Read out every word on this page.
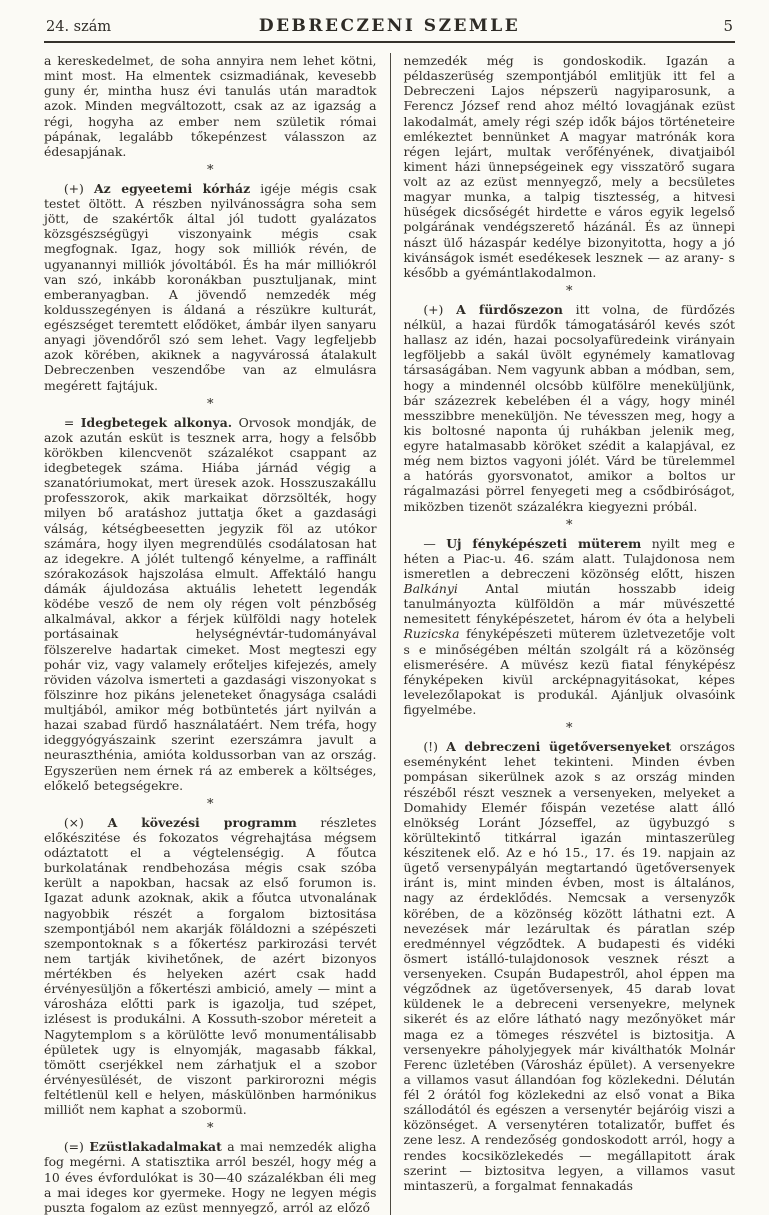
24. szám	DEBRECZENI SZEMLE	5

a kereskedelmet, de soha annyira nem lehet kötni, mint most. Ha elmentek csizmadiának, kevesebb guny ér, mintha husz évi tanulás után maradtok azok. Minden megváltozott, csak az az igazság a régi, hogyha az ember nem születik római pápának, legalább tőkepénzest válasszon az édesapjának.

*

(+) Az egyeetemi kórház igéje mégis csak testet öltött. A részben nyilvánosságra soha sem jött, de szakértők által jól tudott gyalázatos közsgészségügyi viszonyaink mégis csak megfognak. Igaz, hogy sok milliók révén, de ugyanannyi milliók jóvoltából. És ha már milliókról van szó, inkább koronákban pusztuljanak, mint emberanyagban. A jövendő nemzedék még koldusszegényen is áldaná a részükre kulturát, egészséget teremtett elődöket, ámbár ilyen sanyaru anyagi jövendőről szó sem lehet. Vagy legfeljebb azok körében, akiknek a nagyvárossá átalakult Debreczenben veszendőbe van az elmulásra megérett fajtájuk.

*

= Idegbetegek alkonya. Orvosok mondják, de azok azután esküt is tesznek arra, hogy a felsőbb körökben kilencvenöt százalékot csappant az idegbetegek száma. Hiába járnád végig a szanatóriumokat, mert üresek azok. Hosszuszakállu professzorok, akik markaikat dörzsölték, hogy milyen bő aratáshoz juttatja őket a gazdasági válság, kétségbeesetten jegyzik föl az utókor számára, hogy ilyen megrendülés csodálatosan hat az idegekre. A jólét tultengő kényelme, a raffinált szórakozások hajszolása elmult. Affektáló hangu dámák ájuldozása aktuális lehetett legendák ködébe vesző de nem oly régen volt pénzbőség alkalmával, akkor a férjek külföldi nagy hotelek portásainak helységnévtár-tudományával fölszerelve hadartak cimeket. Most megteszi egy pohár viz, vagy valamely erőteljes kifejezés, amely röviden vázolva ismerteti a gazdasági viszonyokat s fölszinre hoz pikáns jeleneteket őnagysága családi multjából, amikor még botbüntetés járt nyilván a hazai szabad fürdő használatáért. Nem tréfa, hogy ideggyógyászaink szerint ezerszámra javult a neuraszthénia, amióta koldussorban van az ország. Egyszerüen nem érnek rá az emberek a költséges, előkelő betegségekre.

*

(×) A kövezési programm részletes előkészitése és fokozatos végrehajtása mégsem odáztatott el a végtelenségig. A főutca burkolatának rendbehozása mégis csak szóba került a napokban, hacsak az első forumon is. Igazat adunk azoknak, akik a főutca utvonalának nagyobbik részét a forgalom biztositása szempontjából nem akarják föláldozni a szépészeti szempontoknak s a főkertész parkirozási tervét nem tartják kivihetőnek, de azért bizonyos mértékben és helyeken azért csak hadd érvényesüljön a főkertészi ambició, amely — mint a városháza előtti park is igazolja, tud szépet, izlésest is produkálni. A Kossuth-szobor méreteit a Nagytemplom s a körülötte levő monumentálisabb épületek ugy is elnyomják, magasabb fákkal, tömött cserjékkel nem zárhatjuk el a szobor érvényesülését, de viszont parkirorozni mégis feltétlenül kell e helyen, máskülönben harmónikus milliőt nem kaphat a szobormü.

*

(=) Ezüstlakadalmakat a mai nemzedék aligha fog megérni. A statisztika arról beszél, hogy még a 10 éves évfordulókat is 30—40 százalékban éli meg a mai ideges kor gyermeke. Hogy ne legyen mégis puszta fogalom az ezüst mennyegző, arról az előző

nemzedék még is gondoskodik. Igazán a példaszerüség szempontjából emlitjük itt fel a Debreczeni Lajos népszerü nagyiparosunk, a Ferencz József rend ahoz méltó lovagjának ezüst lakodalmát, amely régi szép idők bájos történeteire emlékeztet bennünket A magyar matrónák kora régen lejárt, multak verőfényének, divatjaiból kiment házi ünnepségeinek egy visszatörő sugara volt az az ezüst mennyegző, mely a becsületes magyar munka, a talpig tisztesség, a hitvesi hüségek dicsőségét hirdette e város egyik legelső polgárának vendégszerető házánál. És az ünnepi nászt ülő házaspár kedélye bizonyitotta, hogy a jó kivánságok ismét esedékesek lesznek — az arany- s később a gyémántlakodalmon.

*

(+) A fürdőszezon itt volna, de fürdőzés nélkül, a hazai fürdők támogatásáról kevés szót hallasz az idén, hazai pocsolyafüredeink virányain legföljebb a sakál üvölt egynémely kamatlovag társaságában. Nem vagyunk abban a módban, sem, hogy a mindennél olcsóbb külfölre meneküljünk, bár százezrek kebelében él a vágy, hogy minél messzibbre meneküljön. Ne tévesszen meg, hogy a kis boltosné naponta új ruhákban jelenik meg, egyre hatalmasabb köröket szédit a kalapjával, ez még nem biztos vagyoni jólét. Várd be türelemmel a hatórás gyorsvonatot, amikor a boltos ur rágalmazási pörrel fenyegeti meg a csődbiróságot, miközben tizenöt százalékra kiegyezni próbál.

*

— Uj fényképészeti müterem nyilt meg e héten a Piac-u. 46. szám alatt. Tulajdonosa nem ismeretlen a debreczeni közönség előtt, hiszen Balkányi Antal miután hosszabb ideig tanulmányozta külföldön a már müvészetté nemesitett fényképészetet, három év óta a helybeli Ruzicska fényképészeti müterem üzletvezetője volt s e minőségében méltán szolgált rá a közönség elismerésére. A müvész kezü fiatal fényképész fényképeken kivül arcképnagyitásokat, képes levelezőlapokat is produkál. Ajánljuk olvasóink figyelmébe.

*

(!) A debreczeni ügetőversenyeket országos eseményként lehet tekinteni. Minden évben pompásan sikerülnek azok s az ország minden részéből részt vesznek a versenyeken, melyeket a Domahidy Elemér főispán vezetése alatt álló elnökség Loránt Józseffel, az ügybuzgó s körültekintő titkárral igazán mintaszerüleg készitenek elő. Az e hó 15., 17. és 19. napjain az ügető versenypályán megtartandó ügetőversenyek iránt is, mint minden évben, most is általános, nagy az érdeklődés. Nemcsak a versenyzők körében, de a közönség között láthatni ezt. A nevezések már lezárultak és páratlan szép eredménnyel végződtek. A budapesti és vidéki ösmert istálló-tulajdonosok vesznek részt a versenyeken. Csupán Budapestről, ahol éppen ma végződnek az ügetőversenyek, 45 darab lovat küldenek le a debreceni versenyekre, melynek sikerét és az előre látható nagy mezőnyöket már maga ez a tömeges részvétel is biztositja. A versenyekre páholyjegyek már kiválthatók Molnár Ferenc üzletében (Városház épület). A versenyekre a villamos vasut állandóan fog közlekedni. Délután fél 2 órától fog közlekedni az első vonat a Bika szállodától és egészen a versenytér bejáróig viszi a közönséget. A versenytéren totalizatőr, buffet és zene lesz. A rendezőség gondoskodott arról, hogy a rendes kocsiközlekedés — megállapitott árak szerint — biztositva legyen, a villamos vasut mintaszerü, a forgalmat fennakadás
